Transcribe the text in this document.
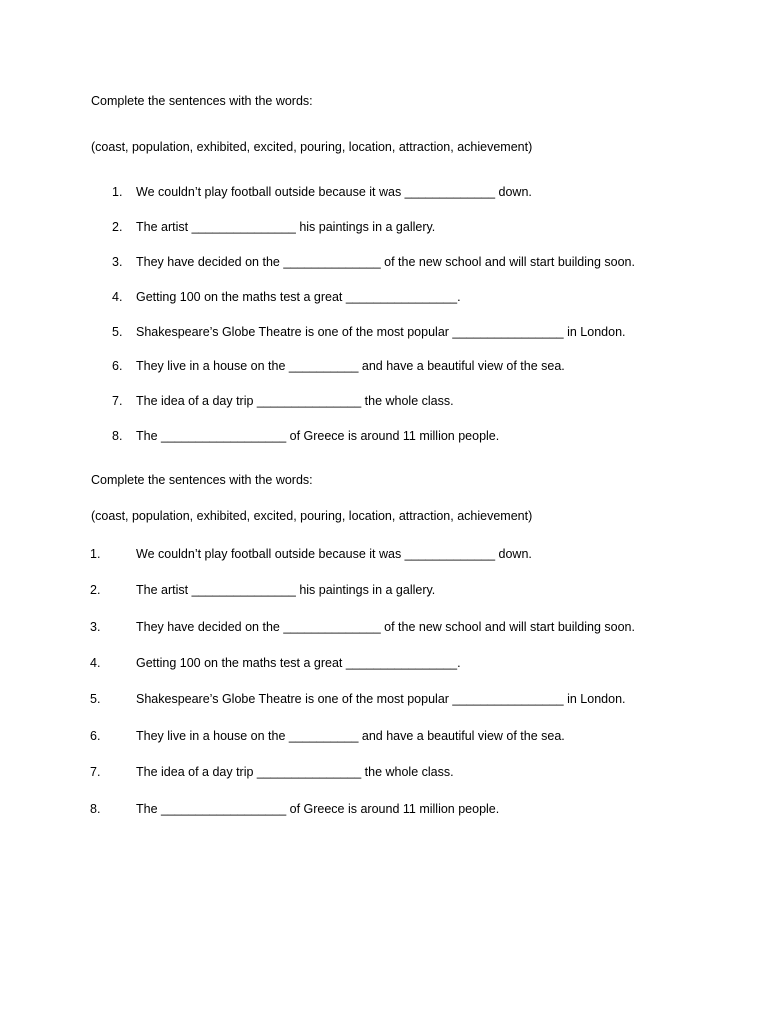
Complete the sentences with the words:
(coast, population, exhibited, excited, pouring, location, attraction, achievement)
1. We couldn’t play football outside because it was _____________ down.
2. The artist _______________ his paintings in a gallery.
3. They have decided on the ______________ of the new school and will start building soon.
4. Getting 100 on the maths test a great ________________.
5. Shakespeare’s Globe Theatre is one of the most popular ________________ in London.
6. They live in a house on the __________ and have a beautiful view of the sea.
7. The idea of a day trip _______________ the whole class.
8. The __________________ of Greece is around 11 million people.
Complete the sentences with the words:
(coast, population, exhibited, excited, pouring, location, attraction, achievement)
1.	We couldn’t play football outside because it was _____________ down.
2.	The artist _______________ his paintings in a gallery.
3.	They have decided on the ______________ of the new school and will start building soon.
4.	Getting 100 on the maths test a great ________________.
5.	Shakespeare’s Globe Theatre is one of the most popular ________________ in London.
6.	They live in a house on the __________ and have a beautiful view of the sea.
7.	The idea of a day trip _______________ the whole class.
8.	The __________________ of Greece is around 11 million people.
